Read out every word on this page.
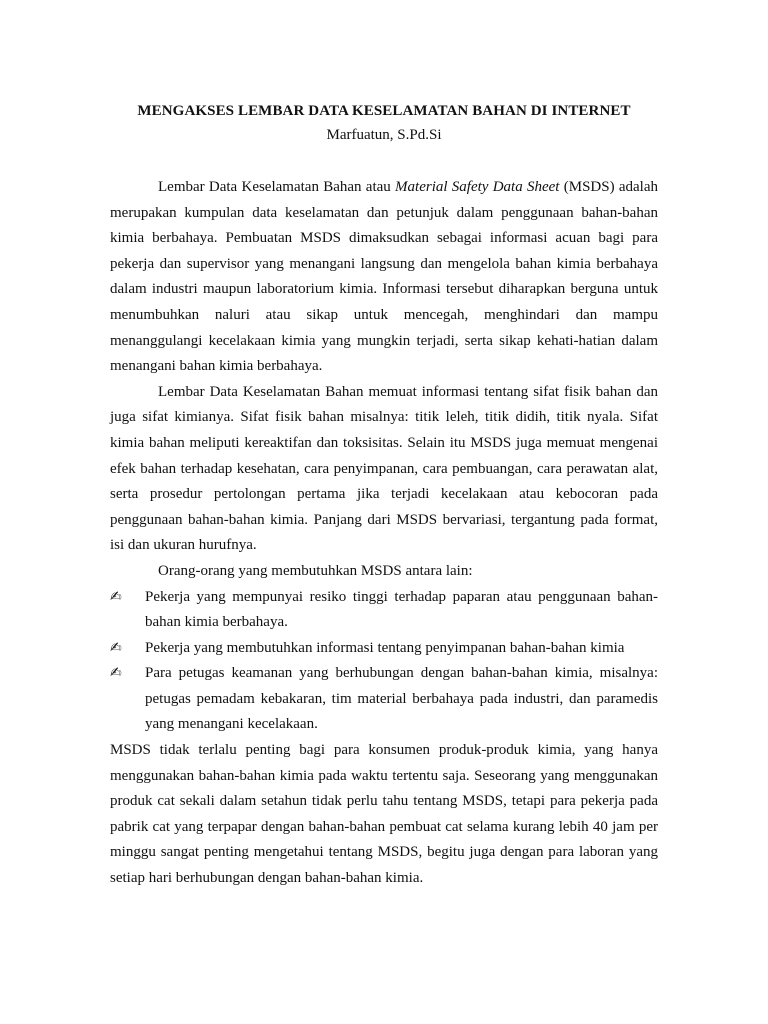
MENGAKSES LEMBAR DATA KESELAMATAN BAHAN DI INTERNET
Marfuatun, S.Pd.Si

Lembar Data Keselamatan Bahan atau Material Safety Data Sheet (MSDS) adalah merupakan kumpulan data keselamatan dan petunjuk dalam penggunaan bahan-bahan kimia berbahaya. Pembuatan MSDS dimaksudkan sebagai informasi acuan bagi para pekerja dan supervisor yang menangani langsung dan mengelola bahan kimia berbahaya dalam industri maupun laboratorium kimia. Informasi tersebut diharapkan berguna untuk menumbuhkan naluri atau sikap untuk mencegah, menghindari dan mampu menanggulangi kecelakaan kimia yang mungkin terjadi, serta sikap kehati-hatian dalam menangani bahan kimia berbahaya.

Lembar Data Keselamatan Bahan memuat informasi tentang sifat fisik bahan dan juga sifat kimianya. Sifat fisik bahan misalnya: titik leleh, titik didih, titik nyala. Sifat kimia bahan meliputi kereaktifan dan toksisitas. Selain itu MSDS juga memuat mengenai efek bahan terhadap kesehatan, cara penyimpanan, cara pembuangan, cara perawatan alat, serta prosedur pertolongan pertama jika terjadi kecelakaan atau kebocoran pada penggunaan bahan-bahan kimia. Panjang dari MSDS bervariasi, tergantung pada format, isi dan ukuran hurufnya.

Orang-orang yang membutuhkan MSDS antara lain:

✍︎	Pekerja yang mempunyai resiko tinggi terhadap paparan atau penggunaan bahan-bahan kimia berbahaya.
✍︎	Pekerja yang membutuhkan informasi tentang penyimpanan bahan-bahan kimia
✍︎	Para petugas keamanan yang berhubungan dengan bahan-bahan kimia, misalnya: petugas pemadam kebakaran, tim material berbahaya pada industri, dan paramedis yang menangani kecelakaan.

MSDS tidak terlalu penting bagi para konsumen produk-produk kimia, yang hanya menggunakan bahan-bahan kimia pada waktu tertentu saja. Seseorang yang menggunakan produk cat sekali dalam setahun tidak perlu tahu tentang MSDS, tetapi para pekerja pada pabrik cat yang terpapar dengan bahan-bahan pembuat cat selama kurang lebih 40 jam per minggu sangat penting mengetahui tentang MSDS, begitu juga dengan para laboran yang setiap hari berhubungan dengan bahan-bahan kimia.
